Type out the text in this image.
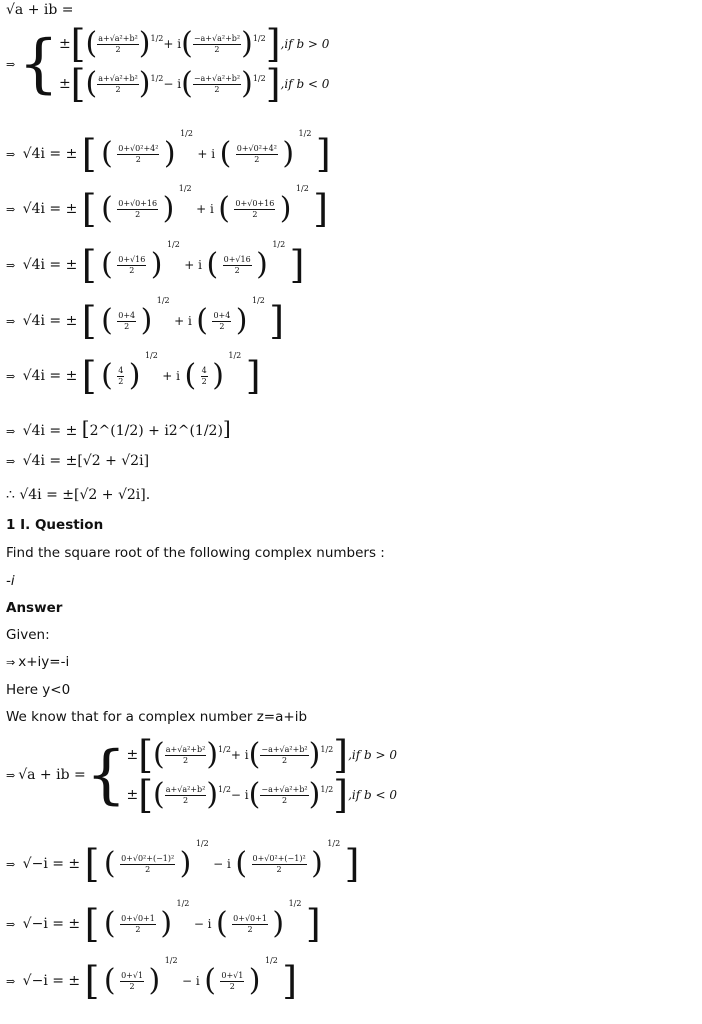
√a + ib =
⇒ { ± [ ( $\frac{\text{a+√a²+b²}}{2}$ ) 1/2 + i ( $\frac{\text{−a+√a²+b²}}{2}$ ) 1/2 ] ,if b > 0
± [ ( $\frac{\text{a+√a²+b²}}{2}$ ) 1/2 − i ( $\frac{\text{−a+√a²+b²}}{2}$ ) 1/2 ] ,if b < 0
⇒ √4i = ± [ ( $\frac{\text{0+√0²+4²}}{2}$ ) $^{1/2}$ + i ( $\frac{\text{0+√0²+4²}}{2}$ ) $^{1/2}$ ]
⇒ √4i = ± [ ( $\frac{0+√0+16}{2}$ ) $^{1/2}$ + i ( $\frac{0+√0+16}{2}$ ) $^{1/2}$ ]
⇒ √4i = ± [ ( $\frac{0+√16}{2}$ ) $^{1/2}$ + i ( $\frac{0+√16}{2}$ ) $^{1/2}$ ]
⇒ √4i = ± [ ( $\frac{0+4}{2}$ ) $^{1/2}$ + i ( $\frac{0+4}{2}$ ) $^{1/2}$ ]
⇒ √4i = ± [ ( $\frac{4}{2}$ ) $^{1/2}$ + i ( $\frac{4}{2}$ ) $^{1/2}$ ]
⇒ √4i = ± [2^(1/2) + i2^(1/2)]
⇒ √4i = ±[√2 + √2i]
∴ √4i = ±[√2 + √2i].
1 I. Question
Find the square root of the following complex numbers :
-i
Answer
Given:
⇒ x+iy=-i
Here y<0
We know that for a complex number z=a+ib
⇒ √a + ib = { ± [ ( $\frac{\text{a+√a²+b²}}{2}$ ) 1/2 + i ( $\frac{\text{−a+√a²+b²}}{2}$ ) 1/2 ] ,if b > 0
± [ ( $\frac{\text{a+√a²+b²}}{2}$ ) 1/2 − i ( $\frac{\text{−a+√a²+b²}}{2}$ ) 1/2 ] ,if b < 0
⇒ √−i = ± [ ( $\frac{\text{0+√0²+(−1)²}}{2}$ ) $^{1/2}$ − i ( $\frac{\text{0+√0²+(−1)²}}{2}$ ) $^{1/2}$ ]
⇒ √−i = ± [ ( $\frac{0+√0+1}{2}$ ) $^{1/2}$ − i ( $\frac{0+√0+1}{2}$ ) $^{1/2}$ ]
⇒ √−i = ± [ ( $\frac{0+√1}{2}$ ) $^{1/2}$ − i ( $\frac{0+√1}{2}$ ) $^{1/2}$ ]
